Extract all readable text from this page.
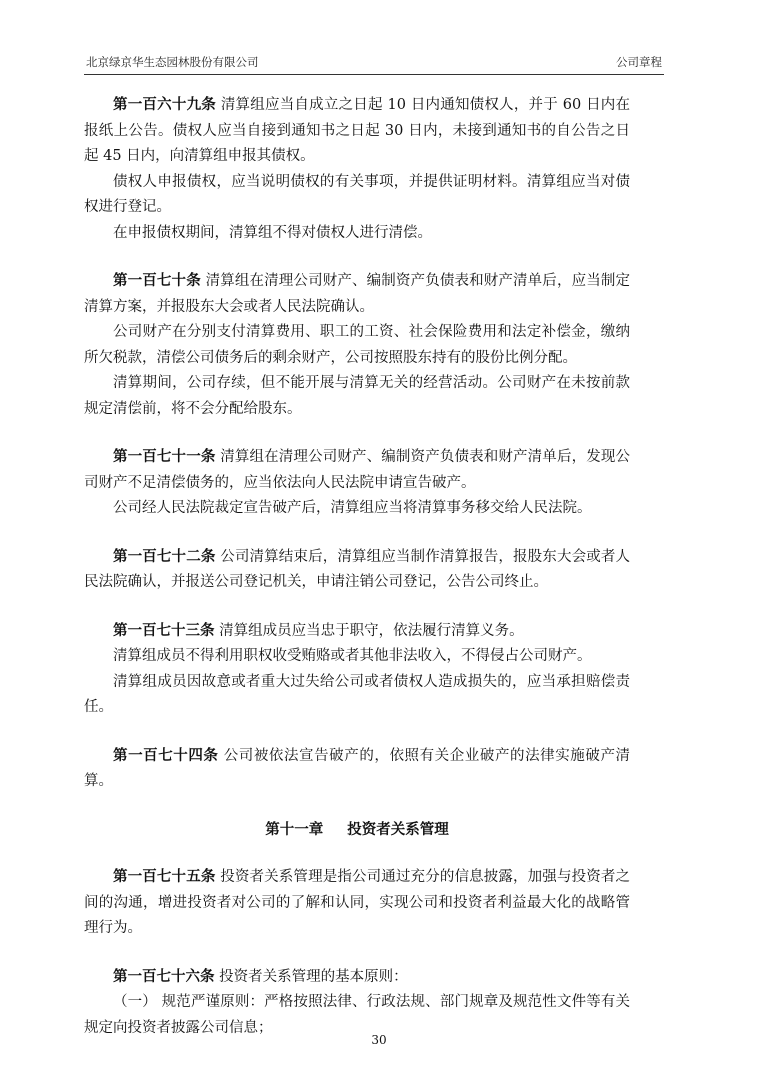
北京绿京华生态园林股份有限公司	公司章程

第一百六十九条 清算组应当自成立之日起 10 日内通知债权人，并于 60 日内在报纸上公告。债权人应当自接到通知书之日起 30 日内，未接到通知书的自公告之日起 45 日内，向清算组申报其债权。

债权人申报债权，应当说明债权的有关事项，并提供证明材料。清算组应当对债权进行登记。

在申报债权期间，清算组不得对债权人进行清偿。

第一百七十条 清算组在清理公司财产、编制资产负债表和财产清单后，应当制定清算方案，并报股东大会或者人民法院确认。

公司财产在分别支付清算费用、职工的工资、社会保险费用和法定补偿金，缴纳所欠税款，清偿公司债务后的剩余财产，公司按照股东持有的股份比例分配。

清算期间，公司存续，但不能开展与清算无关的经营活动。公司财产在未按前款规定清偿前，将不会分配给股东。

第一百七十一条 清算组在清理公司财产、编制资产负债表和财产清单后，发现公司财产不足清偿债务的，应当依法向人民法院申请宣告破产。

公司经人民法院裁定宣告破产后，清算组应当将清算事务移交给人民法院。

第一百七十二条 公司清算结束后，清算组应当制作清算报告，报股东大会或者人民法院确认，并报送公司登记机关，申请注销公司登记，公告公司终止。

第一百七十三条 清算组成员应当忠于职守，依法履行清算义务。

清算组成员不得利用职权收受贿赂或者其他非法收入，不得侵占公司财产。

清算组成员因故意或者重大过失给公司或者债权人造成损失的，应当承担赔偿责任。

第一百七十四条 公司被依法宣告破产的，依照有关企业破产的法律实施破产清算。

第十一章 投资者关系管理

第一百七十五条 投资者关系管理是指公司通过充分的信息披露，加强与投资者之间的沟通，增进投资者对公司的了解和认同，实现公司和投资者利益最大化的战略管理行为。

第一百七十六条 投资者关系管理的基本原则：

（一） 规范严谨原则：严格按照法律、行政法规、部门规章及规范性文件等有关规定向投资者披露公司信息；

30
